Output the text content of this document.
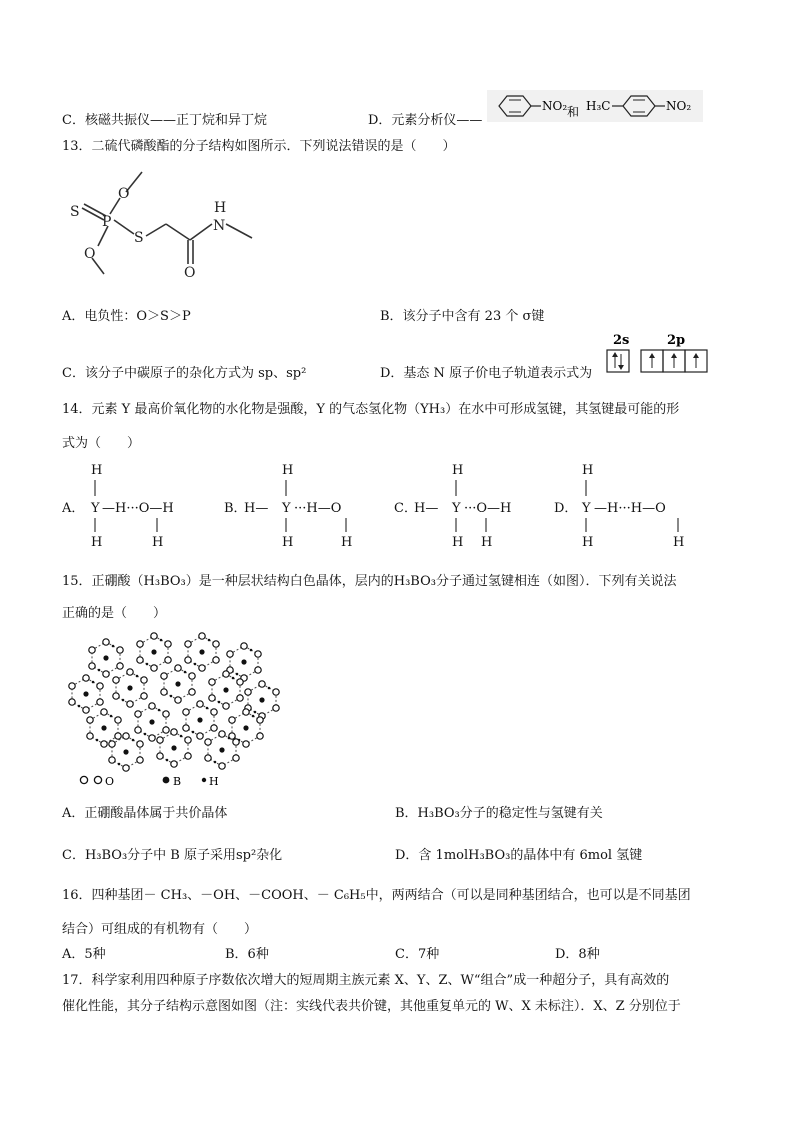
C．核磁共振仪——正丁烷和异丁烷	D．元素分析仪——
NO₂ 和 H₃C	NO₂
13．二硫代磷酸酯的分子结构如图所示．下列说法错误的是（　　）
S
O
P
S
O
N
H
O
A．电负性：O＞S＞P	B．该分子中含有 23 个 σ键
C．该分子中碳原子的杂化方式为 sp、sp²	D．基态 N 原子价电子轨道表示式为
2s	2p
14．元素 Y 最高价氧化物的水化物是强酸，Y 的气态氢化物（YH₃）在水中可形成氢键，其氢键最可能的形
式为（　　）
A．
H
Y —H···O—H
H
H
B．
H—
H
Y ···H—O
H	H
C．
H—
H
Y ···O—H
H H
D．
H
Y —H···H—O
H	H
15．正硼酸（H₃BO₃）是一种层状结构白色晶体，层内的H₃BO₃分子通过氢键相连（如图）．下列有关说法
正确的是（　　）
O	B	H
A．正硼酸晶体属于共价晶体	B．H₃BO₃分子的稳定性与氢键有关
C．H₃BO₃分子中 B 原子采用sp²杂化	D．含 1molH₃BO₃的晶体中有 6mol 氢键
16．四种基团－ CH₃、－OH、－COOH、－ C₆H₅中，两两结合（可以是同种基团结合，也可以是不同基团
结合）可组成的有机物有（　　）
A．5种	B．6种	C．7种	D．8种
17．科学家利用四种原子序数依次增大的短周期主族元素 X、Y、Z、W“组合”成一种超分子，具有高效的
催化性能，其分子结构示意图如图（注：实线代表共价键，其他重复单元的 W、X 未标注）．X、Z 分别位于
